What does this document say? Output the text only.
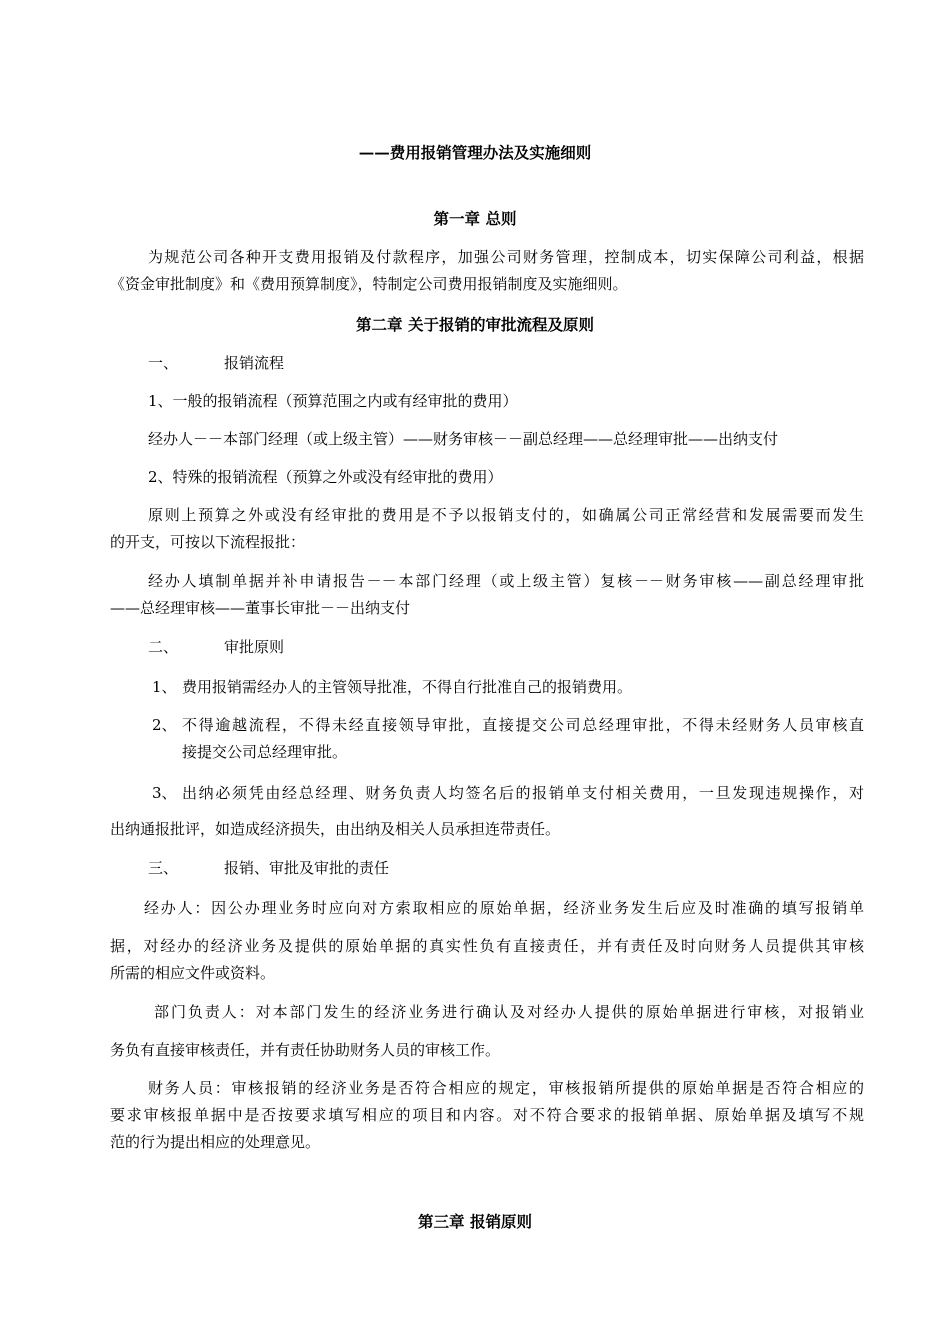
——费用报销管理办法及实施细则
第一章 总则
为规范公司各种开支费用报销及付款程序，加强公司财务管理，控制成本，切实保障公司利益，根据
《资金审批制度》和《费用预算制度》，特制定公司费用报销制度及实施细则。
第二章 关于报销的审批流程及原则
一、	报销流程
1、一般的报销流程（预算范围之内或有经审批的费用）
经办人－－本部门经理（或上级主管）——财务审核－－副总经理——总经理审批——出纳支付
2、特殊的报销流程（预算之外或没有经审批的费用）
原则上预算之外或没有经审批的费用是不予以报销支付的，如确属公司正常经营和发展需要而发生
的开支，可按以下流程报批：
经办人填制单据并补申请报告－－本部门经理（或上级主管）复核－－财务审核——副总经理审批
——总经理审核——董事长审批－－出纳支付
二、	审批原则
1、 费用报销需经办人的主管领导批准，不得自行批准自己的报销费用。
2、 不得逾越流程，不得未经直接领导审批，直接提交公司总经理审批，不得未经财务人员审核直
接提交公司总经理审批。
3、 出纳必须凭由经总经理、财务负责人均签名后的报销单支付相关费用，一旦发现违规操作，对
出纳通报批评，如造成经济损失，由出纳及相关人员承担连带责任。
三、	报销、审批及审批的责任
经办人：因公办理业务时应向对方索取相应的原始单据，经济业务发生后应及时准确的填写报销单
据，对经办的经济业务及提供的原始单据的真实性负有直接责任，并有责任及时向财务人员提供其审核
所需的相应文件或资料。
部门负责人：对本部门发生的经济业务进行确认及对经办人提供的原始单据进行审核，对报销业
务负有直接审核责任，并有责任协助财务人员的审核工作。
财务人员：审核报销的经济业务是否符合相应的规定，审核报销所提供的原始单据是否符合相应的
要求审核报单据中是否按要求填写相应的项目和内容。对不符合要求的报销单据、原始单据及填写不规
范的行为提出相应的处理意见。
第三章 报销原则
